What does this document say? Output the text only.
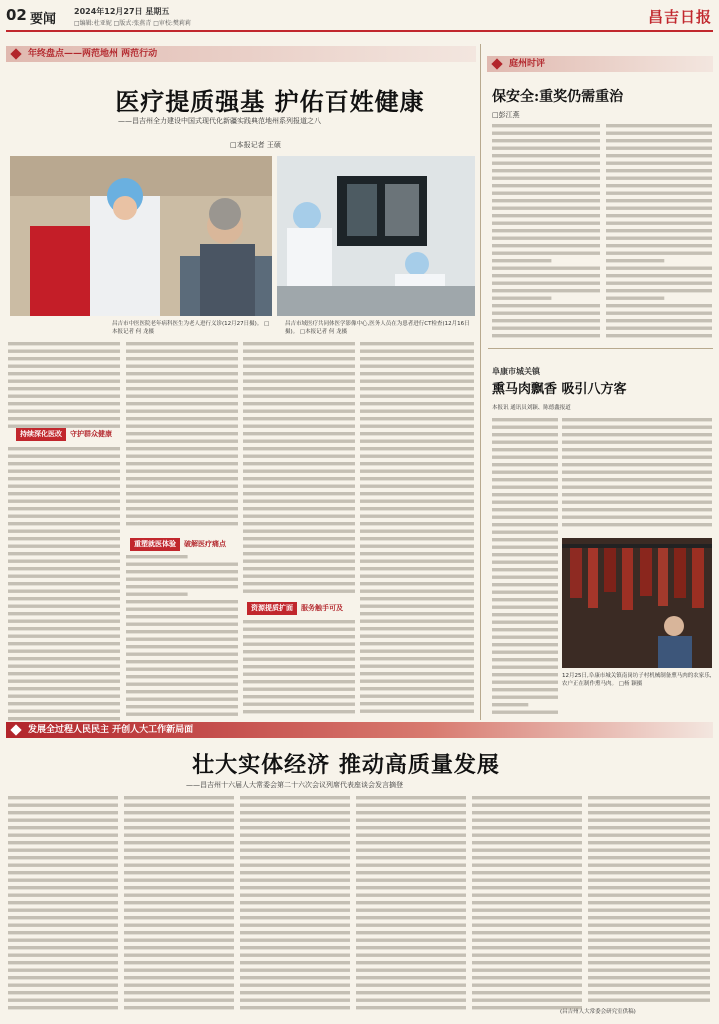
02 要闻
2024年12月27日 星期五
□编辑:杜亚妮 □版式:张燕青 □审校:樊莉莉	昌吉日报
年终盘点——两范地州 两范行动
医疗提质强基 护佑百姓健康
——昌吉州全力建设中国式现代化新疆实践典范地州系列报道之八
□本报记者 王硕
昌吉市中医医院老年病科医生为老人进行义诊(12月27日摄)。 □本报记者 何 龙摄
昌吉市域医疗共同体医学影像中心,医务人员在为患者进行CT检查(12月16日摄)。 □本报记者 何 龙摄
持续深化医改 守护群众健康
重塑就医体验 破解医疗痛点
资源提质扩面 服务触手可及
庭州时评
保安全:重奖仍需重治
□彭江燕
阜康市城关镇
熏马肉飘香 吸引八方客
本报讯 通讯员刘颖、陈德鑫报道
12月25日,阜康市城关镇南岗坊子村机械制备熏马肉的农家乐,农户正在制作熏马肉。 □杨 颖摄
发展全过程人民民主 开创人大工作新局面
壮大实体经济 推动高质量发展
——昌吉州十六届人大常委会第二十六次会议列席代表座谈会发言摘登
(昌吉州人大常委会研究室供稿)
